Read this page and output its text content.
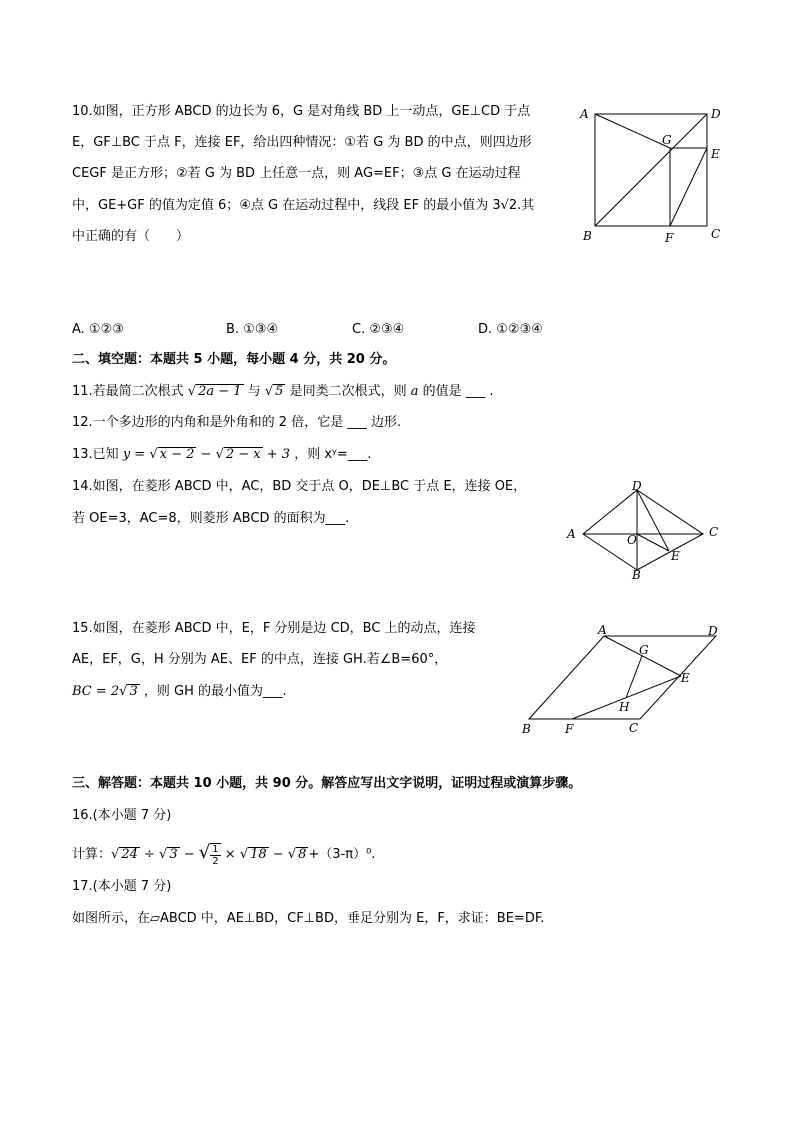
10.如图，正方形 ABCD 的边长为 6，G 是对角线 BD 上一动点，GE⊥CD 于点
E，GF⊥BC 于点 F，连接 EF，给出四种情况：①若 G 为 BD 的中点，则四边形
CEGF 是正方形；②若 G 为 BD 上任意一点，则 AG=EF；③点 G 在运动过程
中，GE+GF 的值为定值 6；④点 G 在运动过程中，线段 EF 的最小值为 3√2.其
中正确的有（　　）
A	D
G
E
B	F	C
A. ①②③	B. ①③④	C. ②③④	D. ①②③④
二、填空题：本题共 5 小题，每小题 4 分，共 20 分。
11.若最简二次根式 √ 2a − 1 与 √ 5 是同类二次根式，则 a 的值是 ___ .
12.一个多边形的内角和是外角和的 2 倍，它是 ___ 边形.
13.已知 y = √ x − 2 − √ 2 − x + 3 ，则 xʸ=___.
14.如图，在菱形 ABCD 中，AC，BD 交于点 O，DE⊥BC 于点 E，连接 OE，
若 OE=3，AC=8，则菱形 ABCD 的面积为___.
D
A	O
C
E
B
15.如图，在菱形 ABCD 中，E，F 分别是边 CD，BC 上的动点，连接
AE，EF，G，H 分别为 AE、EF 的中点，连接 GH.若∠B=60°，
BC = 2√ 3 ，则 GH 的最小值为___.
A	D
G
E
H
B	F	C
三、解答题：本题共 10 小题，共 90 分。解答应写出文字说明，证明过程或演算步骤。
16.(本小题 7 分)
计算：√ 24 ÷ √ 3 − √ $\frac{1}{2}$ × √ 18 − √ 8 +（3-π）⁰.
17.(本小题 7 分)
如图所示，在▱ABCD 中，AE⊥BD，CF⊥BD，垂足分别为 E，F，求证：BE=DF.
